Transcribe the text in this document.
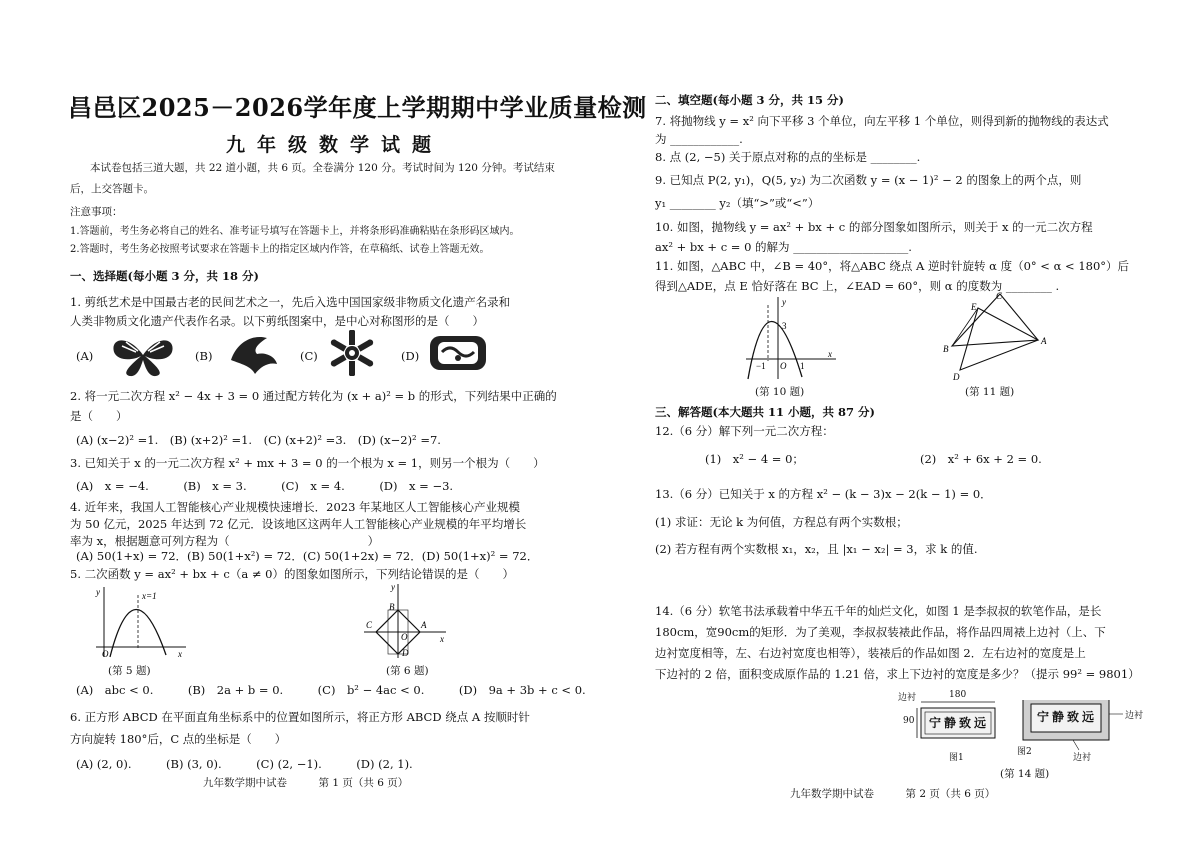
昌邑区2025－2026学年度上学期期中学业质量检测
九年级数学试题
本试卷包括三道大题，共 22 道小题，共 6 页。全卷满分 120 分。考试时间为 120 分钟。考试结束
后，上交答题卡。
注意事项：
1.答题前，考生务必将自己的姓名、准考证号填写在答题卡上，并将条形码准确粘贴在条形码区域内。
2.答题时，考生务必按照考试要求在答题卡上的指定区域内作答，在草稿纸、试卷上答题无效。
一、选择题(每小题 3 分，共 18 分)
1. 剪纸艺术是中国最古老的民间艺术之一，先后入选中国国家级非物质文化遗产名录和
人类非物质文化遗产代表作名录。以下剪纸图案中，是中心对称图形的是（　　）
(A)	(B)	(C)	(D)
2. 将一元二次方程 x² − 4x + 3 = 0 通过配方转化为 (x + a)² = b 的形式，下列结果中正确的
是（　　）
(A) (x−2)² =1.　(B) (x+2)² =1.　(C) (x+2)² =3.　(D) (x−2)² =7.
3. 已知关于 x 的一元二次方程 x² + mx + 3 = 0 的一个根为 x = 1，则另一个根为（　　）
(A)　x = −4.　　　(B)　x = 3.　　　(C)　x = 4.　　　(D)　x = −3.
4. 近年来，我国人工智能核心产业规模快速增长．2023 年某地区人工智能核心产业规模
为 50 亿元，2025 年达到 72 亿元．设该地区这两年人工智能核心产业规模的年平均增长
率为 x，根据题意可列方程为（　　　　　　　　　　　　）
(A) 50(1+x) = 72．(B) 50(1+x²) = 72．(C) 50(1+2x) = 72．(D) 50(1+x)² = 72．
5. 二次函数 y = ax² + bx + c（a ≠ 0）的图象如图所示，下列结论错误的是（　　）
y	x=1
O	x
(第 5 题)
y
B
C	A
O
D
x
(第 6 题)
(A)　abc < 0.　　　(B)　2a + b = 0.　　　(C)　b² − 4ac < 0.　　　(D)　9a + 3b + c < 0.
6. 正方形 ABCD 在平面直角坐标系中的位置如图所示，将正方形 ABCD 绕点 A 按顺时针
方向旋转 180°后，C 点的坐标是（　　）
(A) (2, 0).　　　(B) (3, 0).　　　(C) (2, −1).　　　(D) (2, 1).
九年数学期中试卷　　　第 1 页（共 6 页）
二、填空题(每小题 3 分，共 15 分)
7. 将抛物线 y = x² 向下平移 3 个单位，向左平移 1 个单位，则得到新的抛物线的表达式
为 ____________.
8. 点 (2, −5) 关于原点对称的点的坐标是 ________.
9. 已知点 P(2, y₁)，Q(5, y₂) 为二次函数 y = (x − 1)² − 2 的图象上的两个点，则
y₁ ________ y₂（填“>”或“<”）
10. 如图，抛物线 y = ax² + bx + c 的部分图象如图所示，则关于 x 的一元二次方程
ax² + bx + c = 0 的解为 ____________________.
11. 如图，△ABC 中，∠B = 40°，将△ABC 绕点 A 逆时针旋转 α 度（0° < α < 180°）后
得到△ADE，点 E 恰好落在 BC 上，∠EAD = 60°，则 α 的度数为 ________ .
y
3
−1 O 1
x
(第 10 题)
C
E
B
A
D
(第 11 题)
三、解答题(本大题共 11 小题，共 87 分)
12.（6 分）解下列一元二次方程：
(1)　x² − 4 = 0；	(2)　x² + 6x + 2 = 0.
13.（6 分）已知关于 x 的方程 x² − (k − 3)x − 2(k − 1) = 0．
(1) 求证：无论 k 为何值，方程总有两个实数根；
(2) 若方程有两个实数根 x₁，x₂，且 |x₁ − x₂| = 3，求 k 的值.
14.（6 分）软笔书法承载着中华五千年的灿烂文化，如图 1 是李叔叔的软笔作品，是长
180cm，宽90cm的矩形．为了美观，李叔叔装裱此作品，将作品四周裱上边衬（上、下
边衬宽度相等，左、右边衬宽度也相等），装裱后的作品如图 2．左右边衬的宽度是上
下边衬的 2 倍，面积变成原作品的 1.21 倍，求上下边衬的宽度是多少？（提示 99² = 9801）
边衬
宁静致远	宁静致远
180
90
图1
图2
边衬
边衬
(第 14 题)
九年数学期中试卷　　　第 2 页（共 6 页）
